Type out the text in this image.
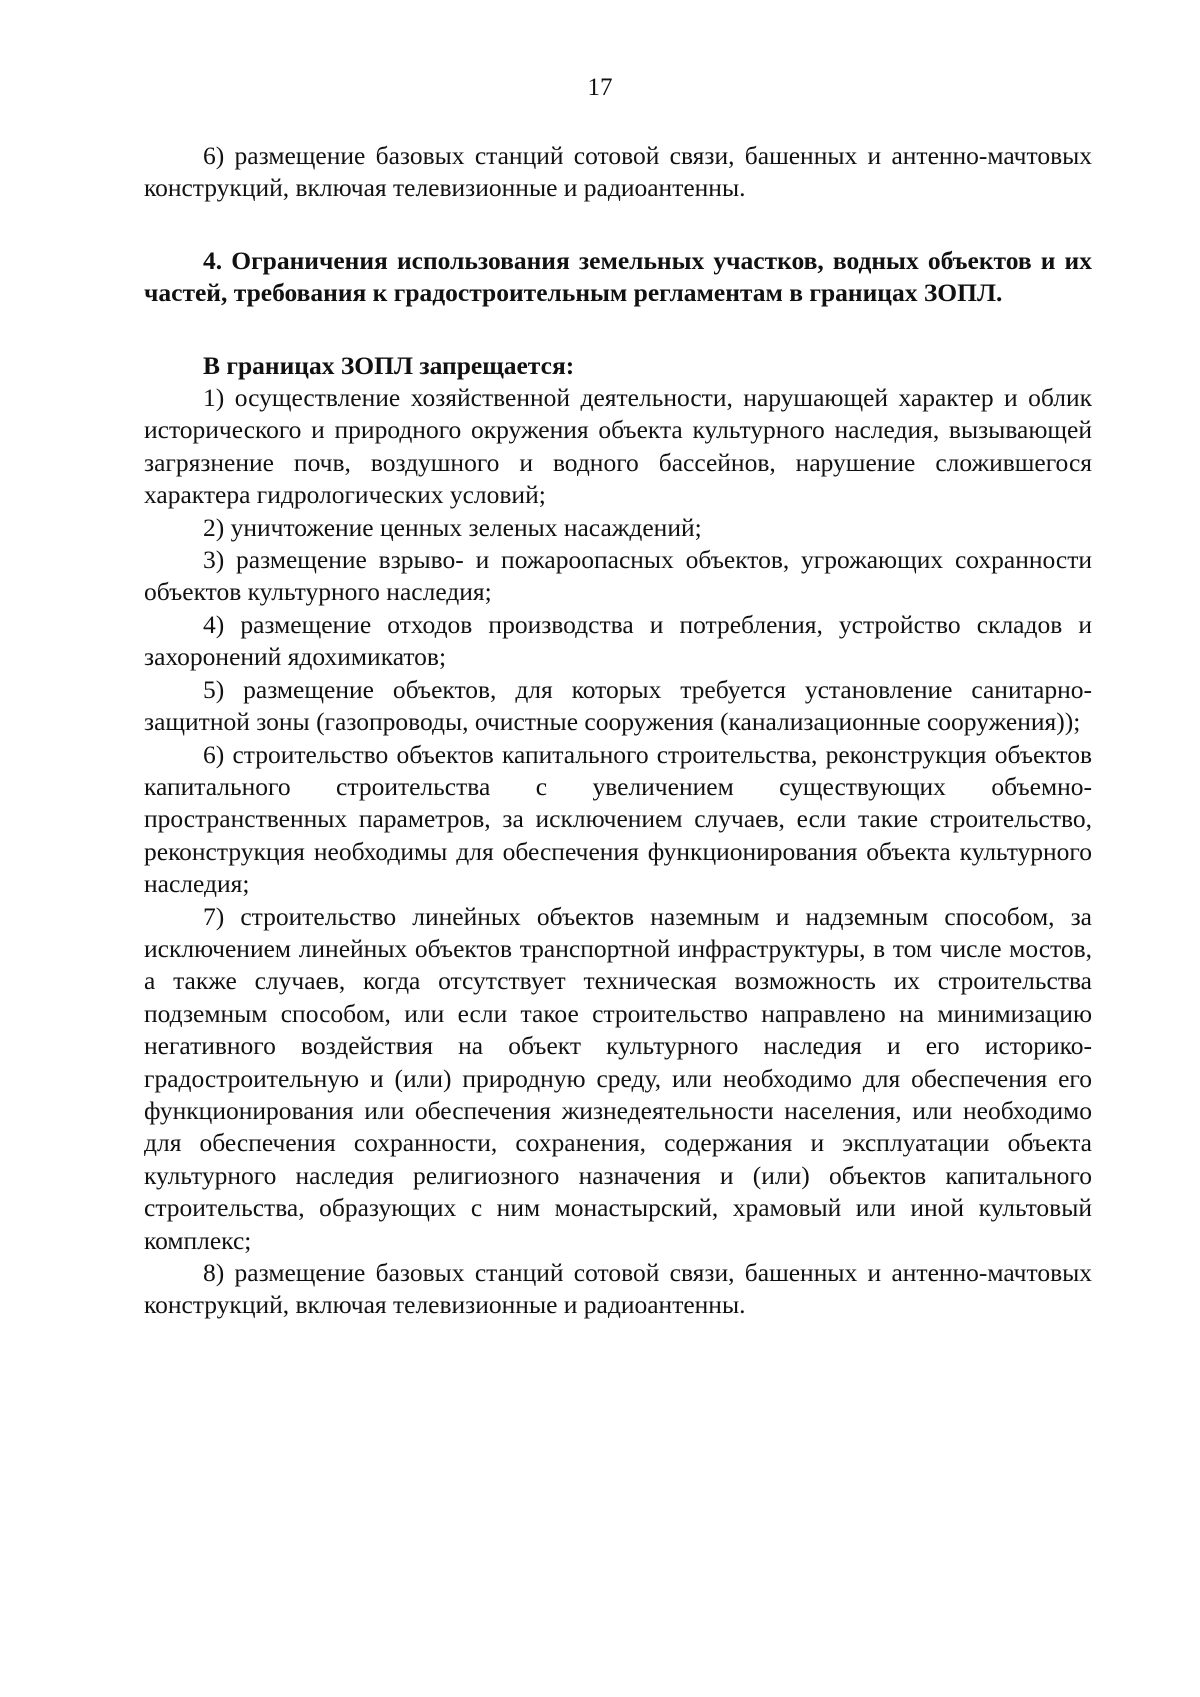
17

6) размещение базовых станций сотовой связи, башенных и антенно-мачтовых конструкций, включая телевизионные и радиоантенны.

4. Ограничения использования земельных участков, водных объектов и их частей, требования к градостроительным регламентам в границах ЗОПЛ.

В границах ЗОПЛ запрещается:

1) осуществление хозяйственной деятельности, нарушающей характер и облик исторического и природного окружения объекта культурного наследия, вызывающей загрязнение почв, воздушного и водного бассейнов, нарушение сложившегося характера гидрологических условий;
2) уничтожение ценных зеленых насаждений;
3) размещение взрыво- и пожароопасных объектов, угрожающих сохранности объектов культурного наследия;
4) размещение отходов производства и потребления, устройство складов и захоронений ядохимикатов;
5) размещение объектов, для которых требуется установление санитарно-защитной зоны (газопроводы, очистные сооружения (канализационные сооружения));
6) строительство объектов капитального строительства, реконструкция объектов капитального строительства с увеличением существующих объемно-пространственных параметров, за исключением случаев, если такие строительство, реконструкция необходимы для обеспечения функционирования объекта культурного наследия;
7) строительство линейных объектов наземным и надземным способом, за исключением линейных объектов транспортной инфраструктуры, в том числе мостов, а также случаев, когда отсутствует техническая возможность их строительства подземным способом, или если такое строительство направлено на минимизацию негативного воздействия на объект культурного наследия и его историко-градостроительную и (или) природную среду, или необходимо для обеспечения его функционирования или обеспечения жизнедеятельности населения, или необходимо для обеспечения сохранности, сохранения, содержания и эксплуатации объекта культурного наследия религиозного назначения и (или) объектов капитального строительства, образующих с ним монастырский, храмовый или иной культовый комплекс;
8) размещение базовых станций сотовой связи, башенных и антенно-мачтовых конструкций, включая телевизионные и радиоантенны.
